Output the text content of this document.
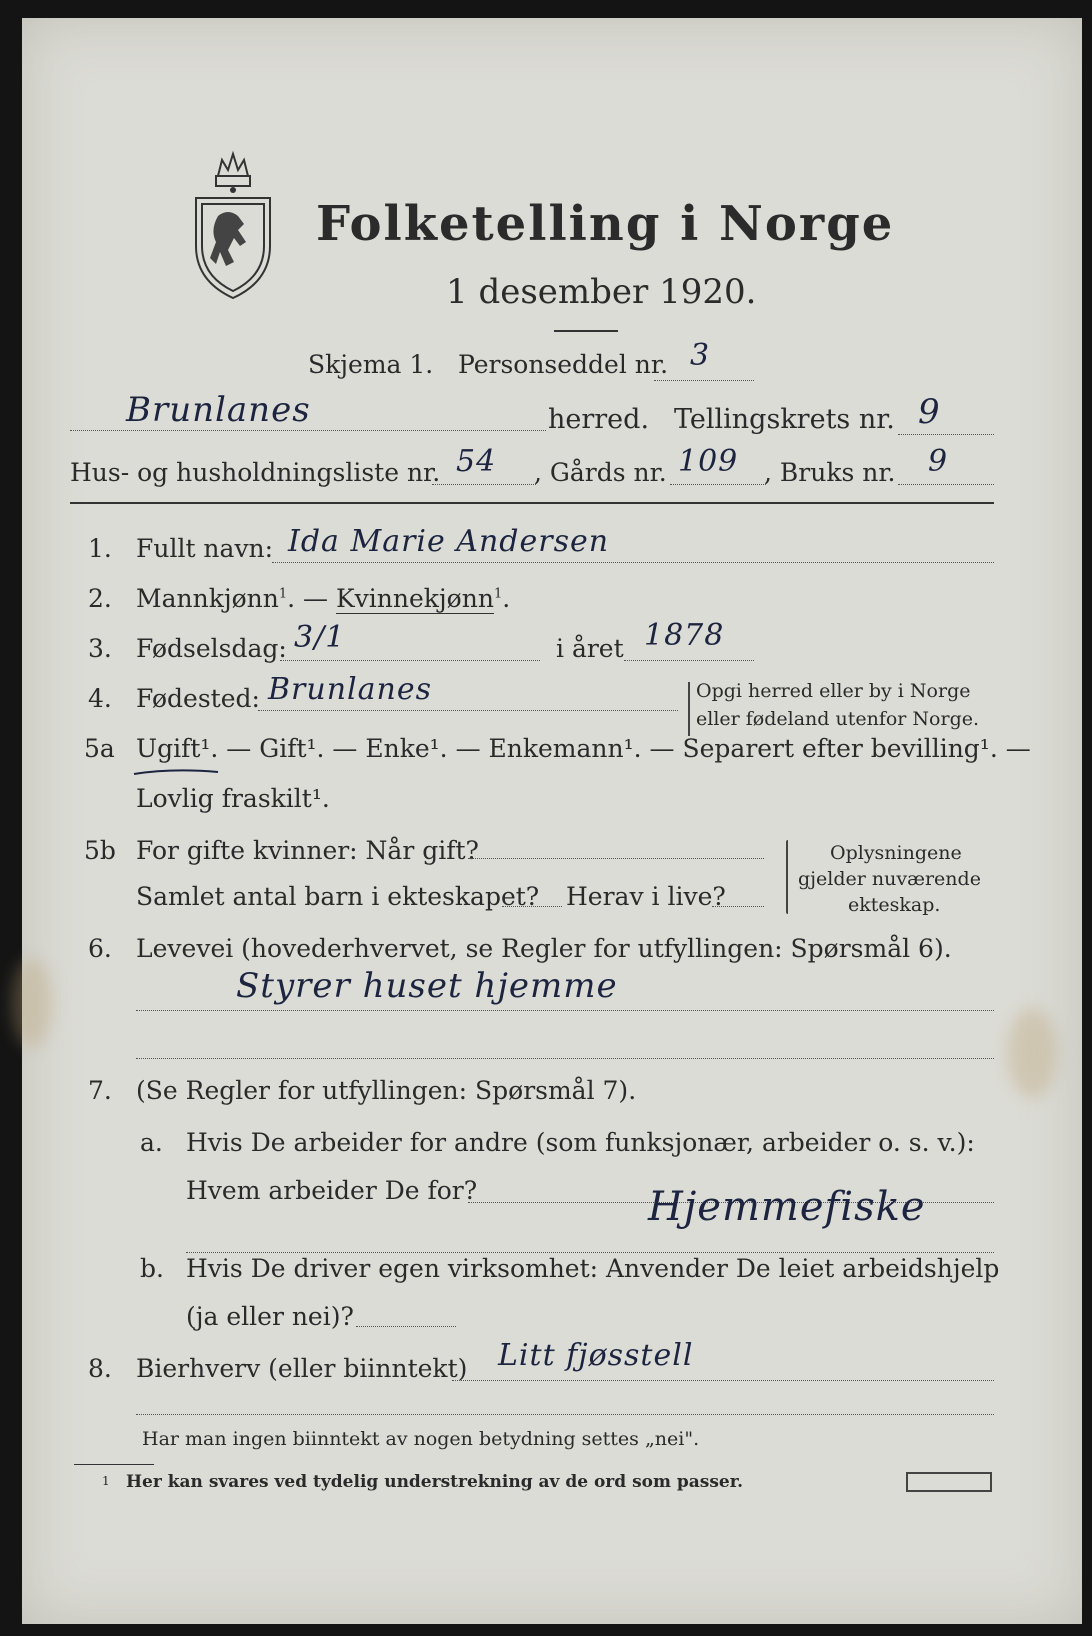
Folketelling i Norge
1 desember 1920.
Skjema 1. Personseddel nr. 3
Brunlanes	herred. Tellingskrets nr. 9
Hus- og husholdningsliste nr. 54 , Gårds nr. 109 , Bruks nr. 9
1. Fullt navn: Ida Marie Andersen
2. Mannkjønn$^1$. — Kvinnekjønn$^1$.
3. Fødselsdag: 3/1	i året 1878
4. Fødested: Brunlanes	Opgi herred eller by i Norge
eller fødeland utenfor Norge.
5a Ugift¹. — Gift¹. — Enke¹. — Enkemann¹. — Separert efter bevilling¹. —
Lovlig fraskilt¹.
5b For gifte kvinner: Når gift?
Samlet antal barn i ekteskapet? Herav i live?
Oplysningene
gjelder nuværende
ekteskap.
6. Levevei (hovederhvervet, se Regler for utfyllingen: Spørsmål 6).
Styrer huset hjemme
7. (Se Regler for utfyllingen: Spørsmål 7).
a. Hvis De arbeider for andre (som funksjonær, arbeider o. s. v.):
Hvem arbeider De for?	Hjemmefiske
b. Hvis De driver egen virksomhet: Anvender De leiet arbeidshjelp
(ja eller nei)?
8. Bierhverv (eller biinntekt) Litt fjøsstell
Har man ingen biinntekt av nogen betydning settes „nei".
1 Her kan svares ved tydelig understrekning av de ord som passer.
